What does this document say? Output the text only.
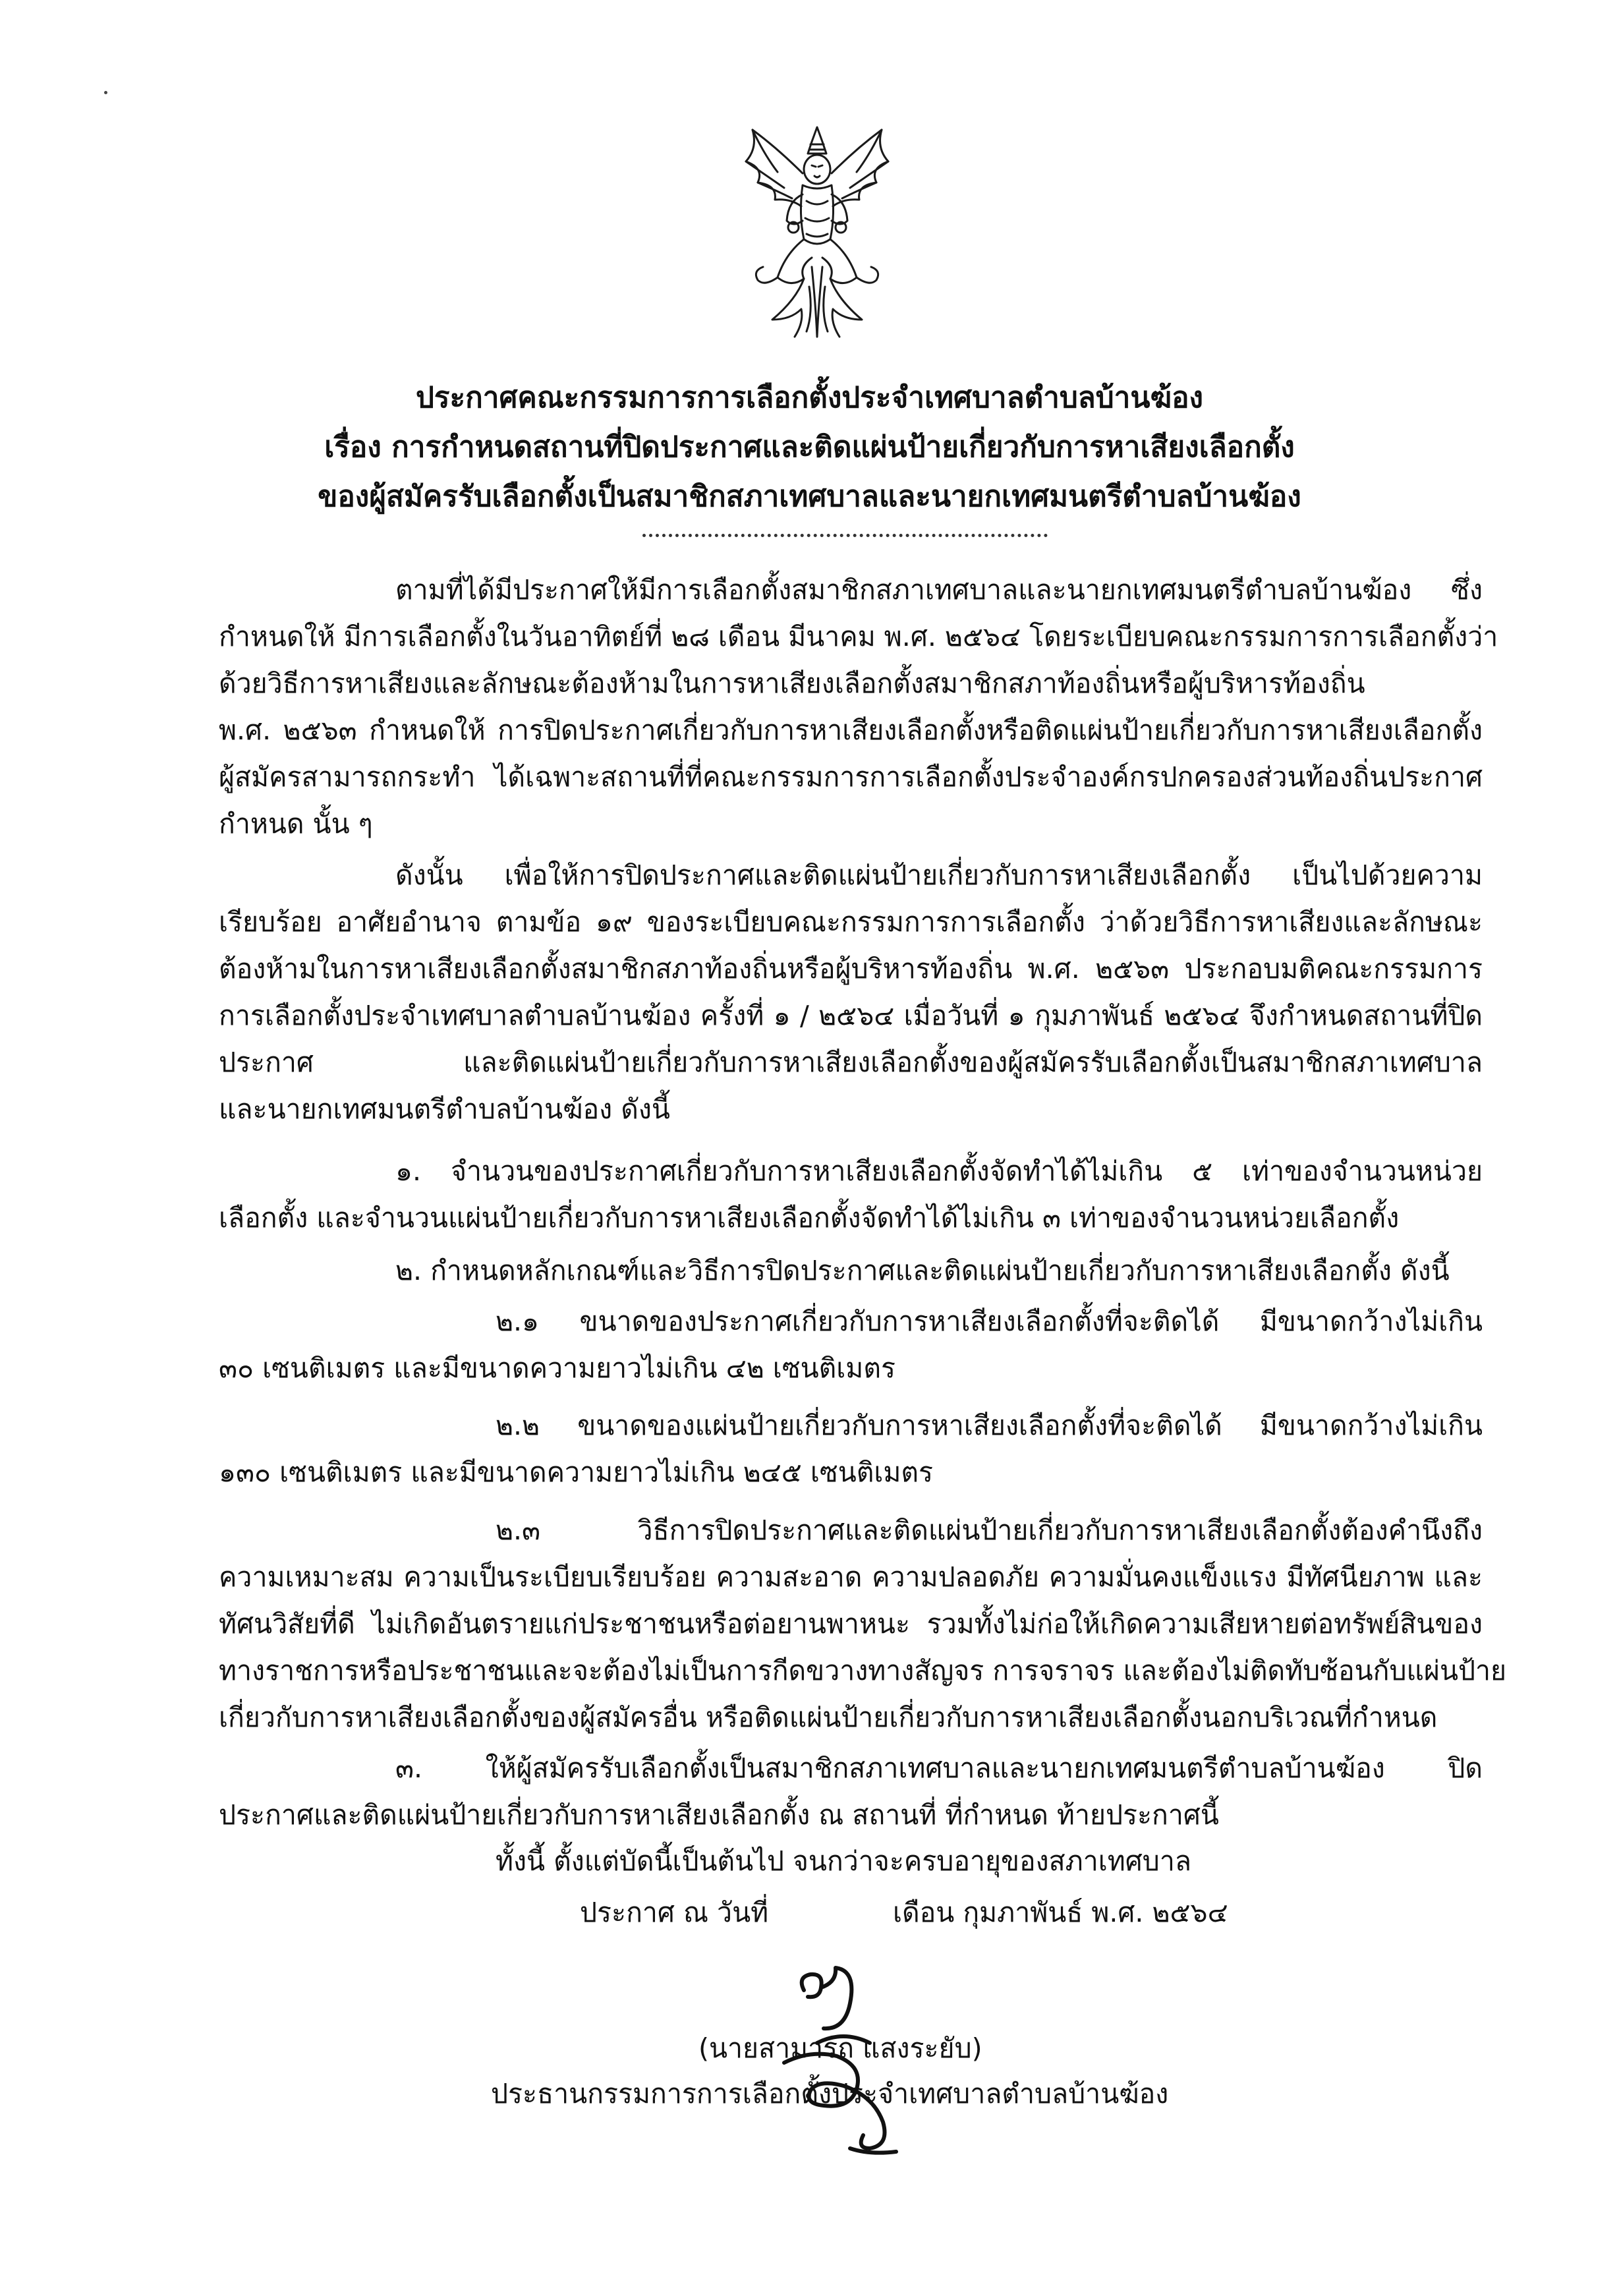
ประกาศคณะกรรมการการเลือกตั้งประจำเทศบาลตำบลบ้านฆ้อง
เรื่อง การกำหนดสถานที่ปิดประกาศและติดแผ่นป้ายเกี่ยวกับการหาเสียงเลือกตั้ง
ของผู้สมัครรับเลือกตั้งเป็นสมาชิกสภาเทศบาลและนายกเทศมนตรีตำบลบ้านฆ้อง
ตามที่ได้มีประกาศให้มีการเลือกตั้งสมาชิกสภาเทศบาลและนายกเทศมนตรีตำบลบ้านฆ้อง ซึ่ง
กำหนดให้ มีการเลือกตั้งในวันอาทิตย์ที่ ๒๘ เดือน มีนาคม พ.ศ. ๒๕๖๔ โดยระเบียบคณะกรรมการการเลือกตั้งว่า
ด้วยวิธีการหาเสียงและลักษณะต้องห้ามในการหาเสียงเลือกตั้งสมาชิกสภาท้องถิ่นหรือผู้บริหารท้องถิ่น
พ.ศ. ๒๕๖๓ กำหนดให้ การปิดประกาศเกี่ยวกับการหาเสียงเลือกตั้งหรือติดแผ่นป้ายเกี่ยวกับการหาเสียงเลือกตั้ง
ผู้สมัครสามารถกระทำ ได้เฉพาะสถานที่ที่คณะกรรมการการเลือกตั้งประจำองค์กรปกครองส่วนท้องถิ่นประกาศ
กำหนด นั้น ๆ
ดังนั้น เพื่อให้การปิดประกาศและติดแผ่นป้ายเกี่ยวกับการหาเสียงเลือกตั้ง เป็นไปด้วยความ
เรียบร้อย อาศัยอำนาจ ตามข้อ ๑๙ ของระเบียบคณะกรรมการการเลือกตั้ง ว่าด้วยวิธีการหาเสียงและลักษณะ
ต้องห้ามในการหาเสียงเลือกตั้งสมาชิกสภาท้องถิ่นหรือผู้บริหารท้องถิ่น พ.ศ. ๒๕๖๓ ประกอบมติคณะกรรมการ
การเลือกตั้งประจำเทศบาลตำบลบ้านฆ้อง ครั้งที่ ๑ / ๒๕๖๔ เมื่อวันที่ ๑ กุมภาพันธ์ ๒๕๖๔ จึงกำหนดสถานที่ปิด
ประกาศ และติดแผ่นป้ายเกี่ยวกับการหาเสียงเลือกตั้งของผู้สมัครรับเลือกตั้งเป็นสมาชิกสภาเทศบาล
และนายกเทศมนตรีตำบลบ้านฆ้อง ดังนี้
๑. จำนวนของประกาศเกี่ยวกับการหาเสียงเลือกตั้งจัดทำได้ไม่เกิน ๕ เท่าของจำนวนหน่วย
เลือกตั้ง และจำนวนแผ่นป้ายเกี่ยวกับการหาเสียงเลือกตั้งจัดทำได้ไม่เกิน ๓ เท่าของจำนวนหน่วยเลือกตั้ง
๒. กำหนดหลักเกณฑ์และวิธีการปิดประกาศและติดแผ่นป้ายเกี่ยวกับการหาเสียงเลือกตั้ง ดังนี้
๒.๑ ขนาดของประกาศเกี่ยวกับการหาเสียงเลือกตั้งที่จะติดได้ มีขนาดกว้างไม่เกิน
๓๐ เซนติเมตร และมีขนาดความยาวไม่เกิน ๔๒ เซนติเมตร
๒.๒ ขนาดของแผ่นป้ายเกี่ยวกับการหาเสียงเลือกตั้งที่จะติดได้ มีขนาดกว้างไม่เกิน
๑๓๐ เซนติเมตร และมีขนาดความยาวไม่เกิน ๒๔๕ เซนติเมตร
๒.๓ วิธีการปิดประกาศและติดแผ่นป้ายเกี่ยวกับการหาเสียงเลือกตั้งต้องคำนึงถึง
ความเหมาะสม ความเป็นระเบียบเรียบร้อย ความสะอาด ความปลอดภัย ความมั่นคงแข็งแรง มีทัศนียภาพ และ
ทัศนวิสัยที่ดี ไม่เกิดอันตรายแก่ประชาชนหรือต่อยานพาหนะ รวมทั้งไม่ก่อให้เกิดความเสียหายต่อทรัพย์สินของ
ทางราชการหรือประชาชนและจะต้องไม่เป็นการกีดขวางทางสัญจร การจราจร และต้องไม่ติดทับซ้อนกับแผ่นป้าย
เกี่ยวกับการหาเสียงเลือกตั้งของผู้สมัครอื่น หรือติดแผ่นป้ายเกี่ยวกับการหาเสียงเลือกตั้งนอกบริเวณที่กำหนด
๓. ให้ผู้สมัครรับเลือกตั้งเป็นสมาชิกสภาเทศบาลและนายกเทศมนตรีตำบลบ้านฆ้อง ปิด
ประกาศและติดแผ่นป้ายเกี่ยวกับการหาเสียงเลือกตั้ง ณ สถานที่ ที่กำหนด ท้ายประกาศนี้
ทั้งนี้ ตั้งแต่บัดนี้เป็นต้นไป จนกว่าจะครบอายุของสภาเทศบาล
ประกาศ ณ วันที่	เดือน กุมภาพันธ์ พ.ศ. ๒๕๖๔
(นายสามารถ แสงระยับ)
ประธานกรรมการการเลือกตั้งประจำเทศบาลตำบลบ้านฆ้อง
